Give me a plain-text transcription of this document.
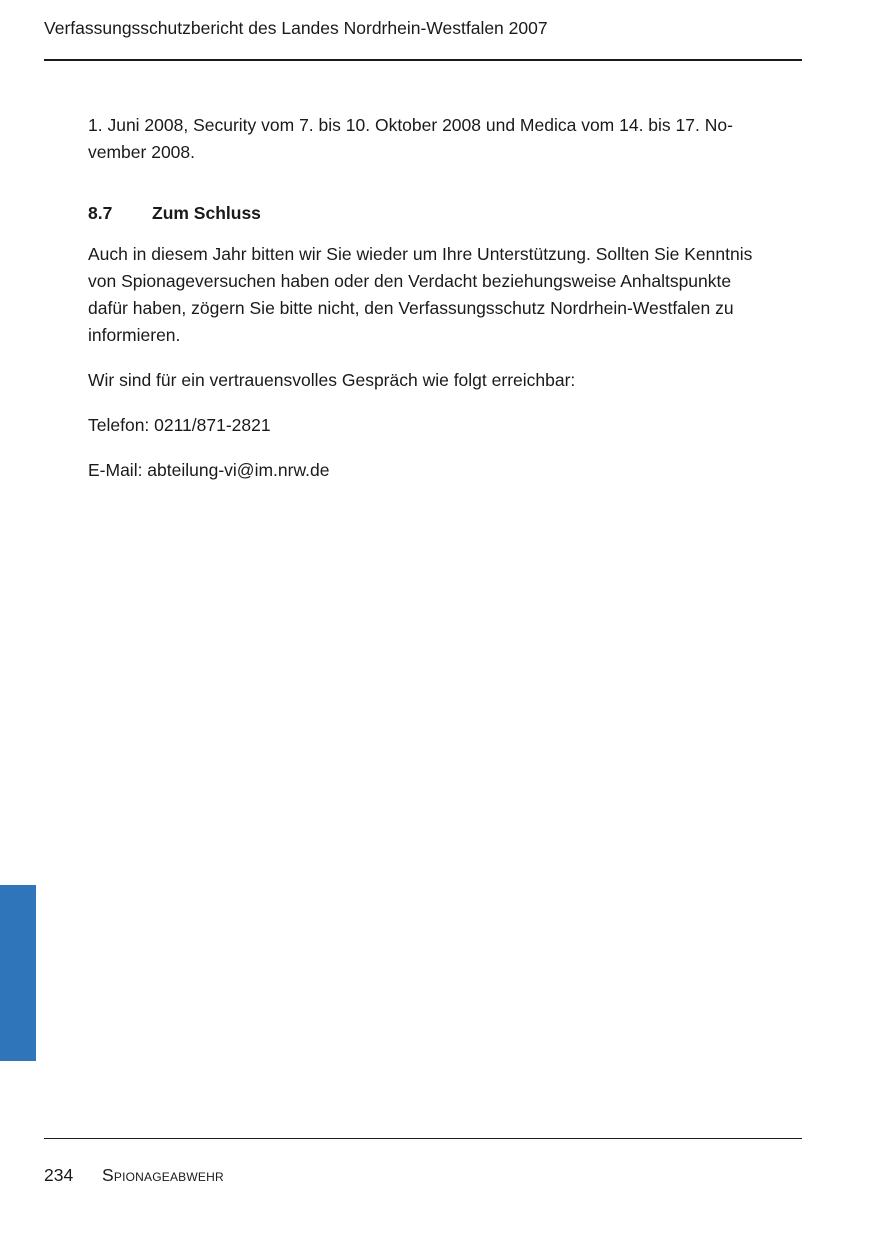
Verfassungsschutzbericht des Landes Nordrhein-Westfalen 2007

1. Juni 2008, Security vom 7. bis 10. Oktober 2008 und Medica vom 14. bis 17. No-
vember 2008.

8.7 Zum Schluss

Auch in diesem Jahr bitten wir Sie wieder um Ihre Unterstützung. Sollten Sie Kenntnis
von Spionageversuchen haben oder den Verdacht beziehungsweise Anhaltspunkte
dafür haben, zögern Sie bitte nicht, den Verfassungsschutz Nordrhein-Westfalen zu
informieren.

Wir sind für ein vertrauensvolles Gespräch wie folgt erreichbar:

Telefon: 0211/871-2821

E-Mail: abteilung-vi@im.nrw.de

234 Spionageabwehr
